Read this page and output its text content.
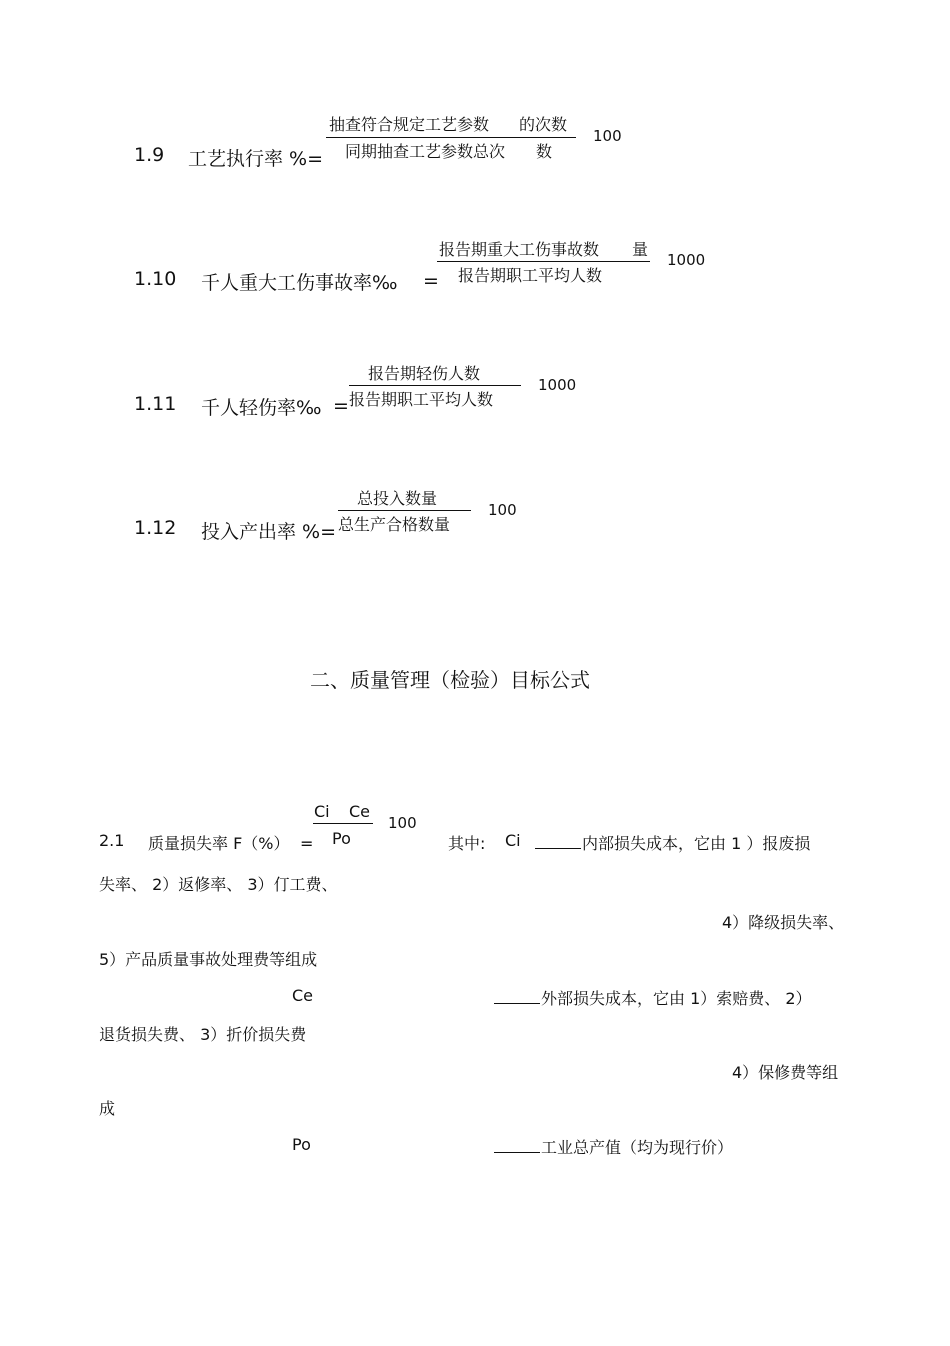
抽查符合规定工艺参数 的次数
同期抽查工艺参数总次 数
100
1.9 工艺执行率 %=
报告期重大工伤事故数 量
报告期职工平均人数
1000
1.10 千人重大工伤事故率‰ =
报告期轻伤人数
报告期职工平均人数
1000
1.11 千人轻伤率‰ =
总投入数量
总生产合格数量
100
1.12 投入产出率 %=
二、质量管理（检验）目标公式
Ci Ce
Po
100
2.1 质量损失率 F（%） =	其中: Ci	内部损失成本，它由 1 ）报废损
失率、 2）返修率、 3）仃工费、
4）降级损失率、
5）产品质量事故处理费等组成
Ce	外部损失成本，它由 1）索赔费、 2）
退货损失费、 3）折价损失费
4）保修费等组
成
Po	工业总产值（均为现行价）
